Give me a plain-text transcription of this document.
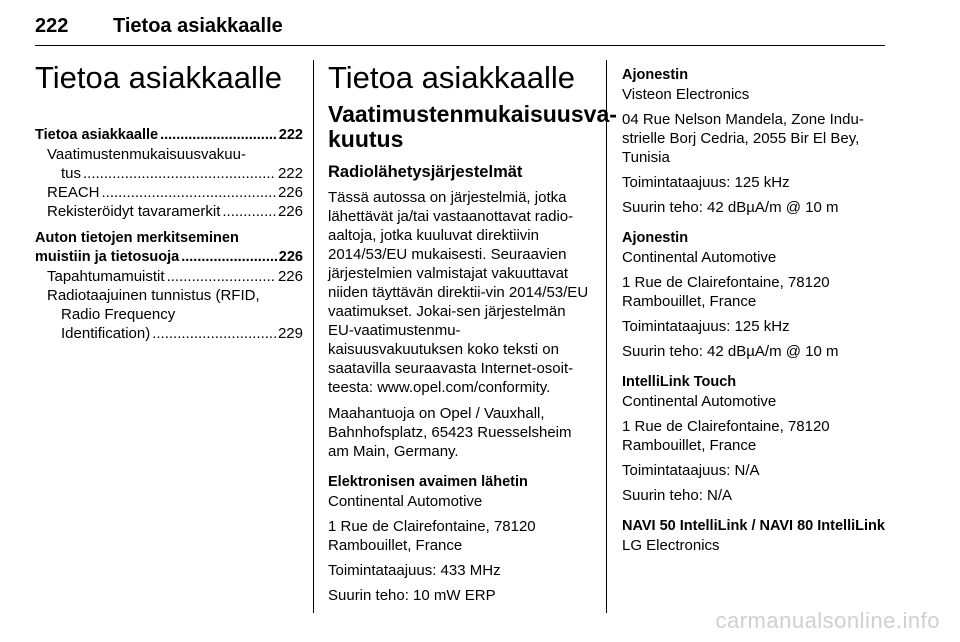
222 Tietoa asiakkaalle
Tietoa asiakkaalle
Tietoa asiakkaalle .....	222
Vaatimustenmukaisuusvakuu-
tus .....	222
REACH .....	226
Rekisteröidyt tavaramerkit .....	226
Auton tietojen merkitseminen
muistiin ja tietosuoja .....	226
Tapahtumamuistit .....	226
Radiotaajuinen tunnistus (RFID,
Radio Frequency
Identification) .....	229
Tietoa asiakkaalle
Vaatimustenmukaisuusva-
kuutus
Radiolähetysjärjestelmät

Tässä autossa on järjestelmiä, jotka lähettävät ja/tai vastaanottavat radio-aaltoja, jotka kuuluvat direktiivin 2014/53/EU mukaisesti. Seuraavien järjestelmien valmistajat vakuuttavat niiden täyttävän direktii-vin 2014/53/EU vaatimukset. Jokai-sen järjestelmän EU-vaatimustenmu-kaisuusvakuutuksen koko teksti on saatavilla seuraavasta Internet-osoit-teesta: www.opel.com/conformity.

Maahantuoja on Opel / Vauxhall, Bahnhofsplatz, 65423 Ruesselsheim am Main, Germany.

Elektronisen avaimen lähetin

Continental Automotive

1 Rue de Clairefontaine, 78120 Rambouillet, France

Toimintataajuus: 433 MHz

Suurin teho: 10 mW ERP

Ajonestin

Visteon Electronics

04 Rue Nelson Mandela, Zone Indu-strielle Borj Cedria, 2055 Bir El Bey, Tunisia

Toimintataajuus: 125 kHz

Suurin teho: 42 dBµA/m @ 10 m

Ajonestin

Continental Automotive

1 Rue de Clairefontaine, 78120 Rambouillet, France

Toimintataajuus: 125 kHz

Suurin teho: 42 dBµA/m @ 10 m

IntelliLink Touch

Continental Automotive

1 Rue de Clairefontaine, 78120 Rambouillet, France

Toimintataajuus: N/A

Suurin teho: N/A

NAVI 50 IntelliLink / NAVI 80 IntelliLink

LG Electronics

carmanualsonline.info
